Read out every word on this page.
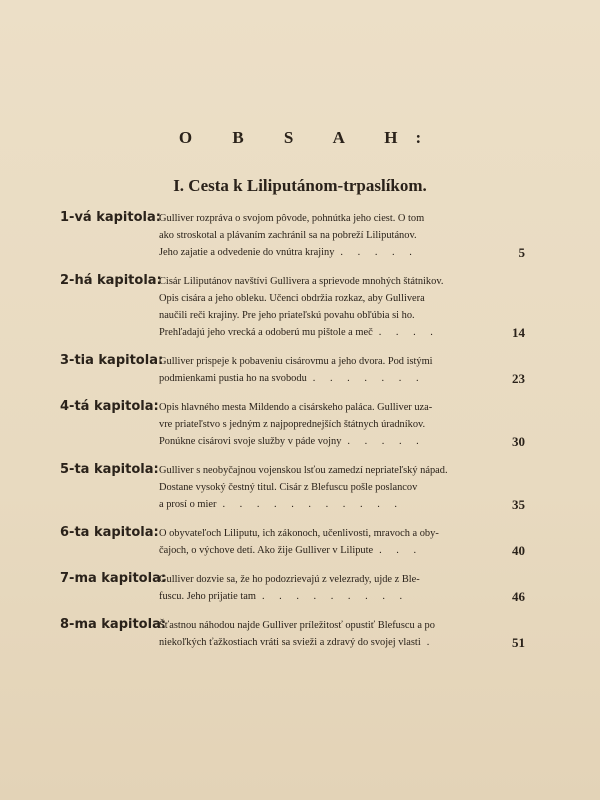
O B S A H:
I. Cesta k Liliputánom-trpaslíkom.
1-vá kapitola:
Gulliver rozpráva o svojom pôvode, pohnútka jeho ciest. O tom
ako stroskotal a plávaním zachránil sa na pobreží Liliputánov.
Jeho zajatie a odvedenie do vnútra krajiny . . . . .	5
2-há kapitola:
Cisár Liliputánov navštívi Gullivera a sprievode mnohých štátnikov.
Opis cisára a jeho obleku. Učenci obdržia rozkaz, aby Gullivera
naučili reči krajiny. Pre jeho priateľskú povahu obľúbia si ho.
Prehľadajú jeho vrecká a odoberú mu pištole a meč . . . .	14
3-tia kapitola:
Gulliver prispeje k pobaveniu cisárovmu a jeho dvora. Pod istými
podmienkami pustia ho na svobodu . . . . . . .	23
4-tá kapitola: Opis hlavného mesta Mildendo a cisárskeho paláca. Gulliver uza-
vre priateľstvo s jedným z najpoprednejších štátnych úradníkov.
Ponúkne cisárovi svoje služby v páde vojny . . . . .	30
5-ta kapitola: Gulliver s neobyčajnou vojenskou lsťou zamedzí nepriateľský nápad.
Dostane vysoký čestný titul. Cisár z Blefuscu pošle poslancov
a prosí o mier . . . . . . . . . . .	35
6-ta kapitola: O obyvateľoch Liliputu, ich zákonoch, učenlivosti, mravoch a oby-
čajoch, o výchove detí. Ako žije Gulliver v Lilipute . . .	40
7-ma kapitola:
Gulliver dozvie sa, že ho podozrievajú z velezrady, ujde z Ble-
fuscu. Jeho prijatie tam . . . . . . . . .	46
8-ma kapitola:
Šťastnou náhodou najde Gulliver príležitosť opustiť Blefuscu a po
niekoľkých ťažkostiach vráti sa svieži a zdravý do svojej vlasti .	51
